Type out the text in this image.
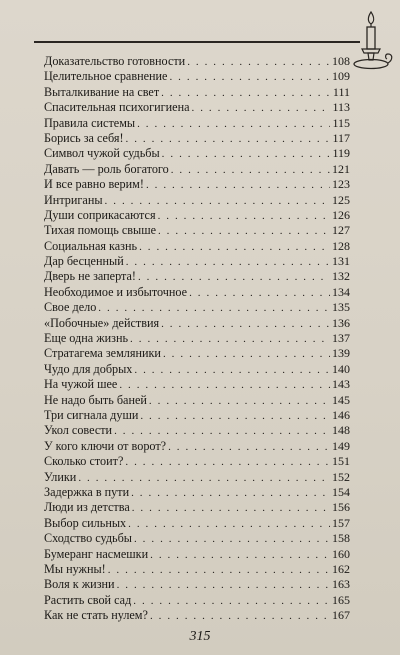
Доказательство готовности . . .	108
Целительное сравнение . . .	109
Выталкивание на свет . . .	111
Спасительная психогигиена . . .	113
Правила системы . . .	115
Борись за себя! . . .	117
Символ чужой судьбы . . .	119
Давать — роль богатого . . .	121
И все равно верим! . . .	123
Интриганы . . .	125
Души соприкасаются . . .	126
Тихая помощь свыше . . .	127
Социальная казнь . . .	128
Дар бесценный . . .	131
Дверь не заперта! . . .	132
Необходимое и избыточное . . .	134
Свое дело . . .	135
«Побочные» действия . . .	136
Еще одна жизнь . . .	137
Стратагема земляники . . .	139
Чудо для добрых . . .	140
На чужой шее . . .	143
Не надо быть баней . . .	145
Три сигнала души . . .	146
Укол совести . . .	148
У кого ключи от ворот? . . .	149
Сколько стоит? . . .	151
Улики . . .	152
Задержка в пути . . .	154
Люди из детства . . .	156
Выбор сильных . . .	157
Сходство судьбы . . .	158
Бумеранг насмешки . . .	160
Мы нужны! . . .	162
Воля к жизни . . .	163
Растить свой сад . . .	165
Как не стать нулем? . . .	167
315
